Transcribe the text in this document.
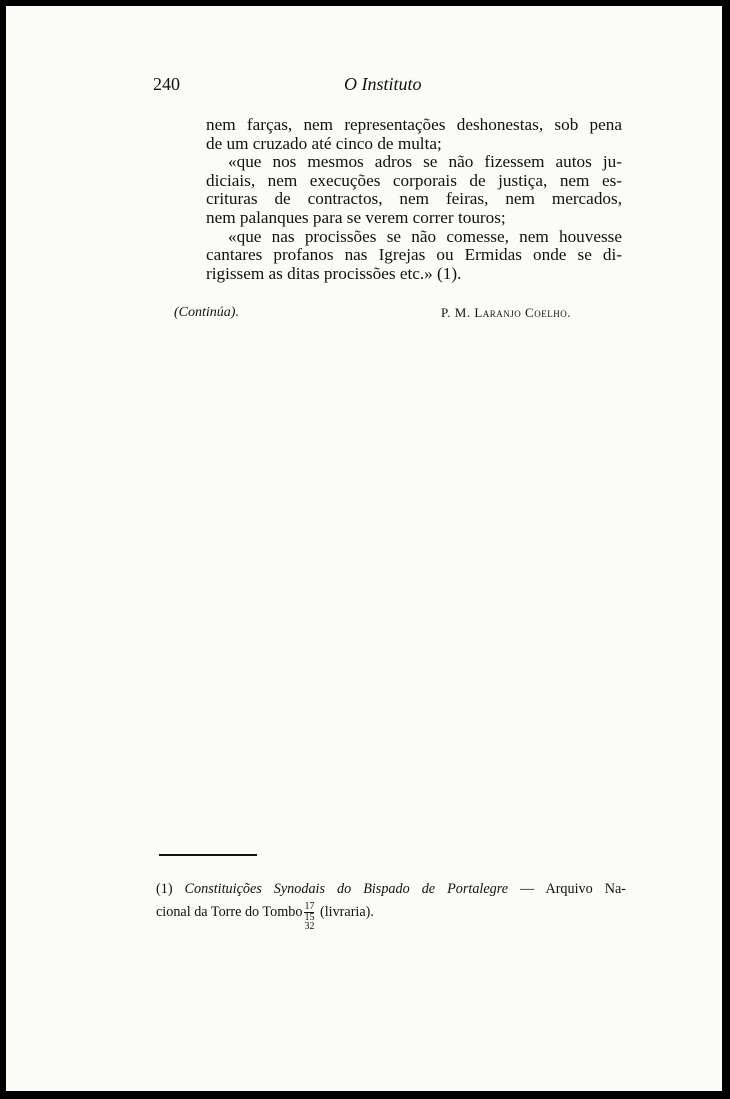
240	O Instituto

nem farças, nem representações deshonestas, sob pena
de um cruzado até cinco de multa;

«que nos mesmos adros se não fizessem autos ju-
diciais, nem execuções corporais de justiça, nem es-
crituras de contractos, nem feiras, nem mercados,
nem palanques para se verem correr touros;

«que nas procissões se não comesse, nem houvesse
cantares profanos nas Igrejas ou Ermidas onde se di-
rigissem as ditas procissões etc.» (1).

(Continúa).	P. M. Laranjo Coelho.
(1) Constituições Synodais do Bispado de Portalegre — Arquivo Na-
cional da Torre do Tombo 17
15
32
(livraria).
